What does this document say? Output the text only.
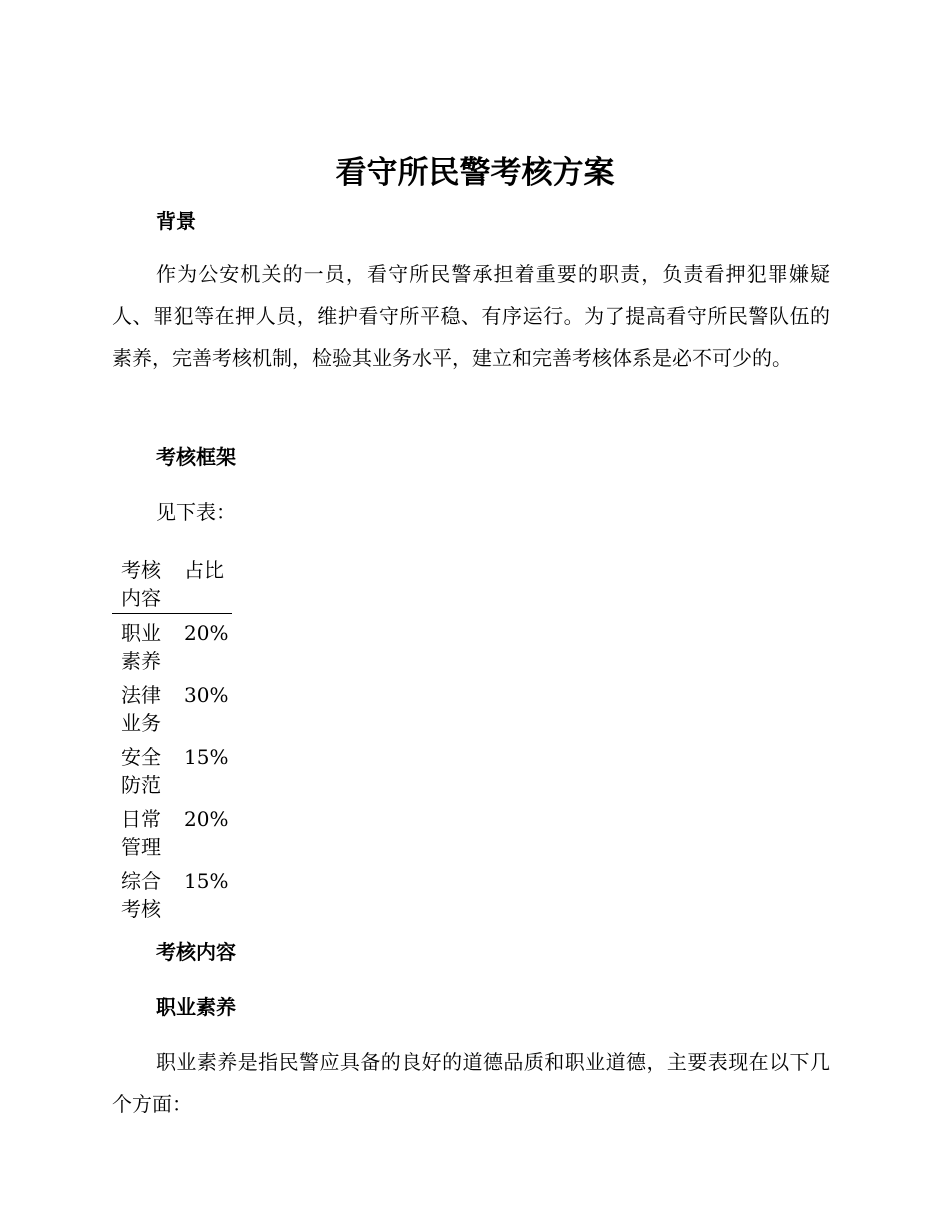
看守所民警考核方案
背景
作为公安机关的一员，看守所民警承担着重要的职责，负责看押犯罪嫌疑人、罪犯等在押人员，维护看守所平稳、有序运行。为了提高看守所民警队伍的素养，完善考核机制，检验其业务水平，建立和完善考核体系是必不可少的。
考核框架
见下表：
考核内容
占比
职业素养
20%
法律业务
30%
安全防范
15%
日常管理
20%
综合考核
15%
考核内容
职业素养
职业素养是指民警应具备的良好的道德品质和职业道德，主要表现在以下几个方面：
